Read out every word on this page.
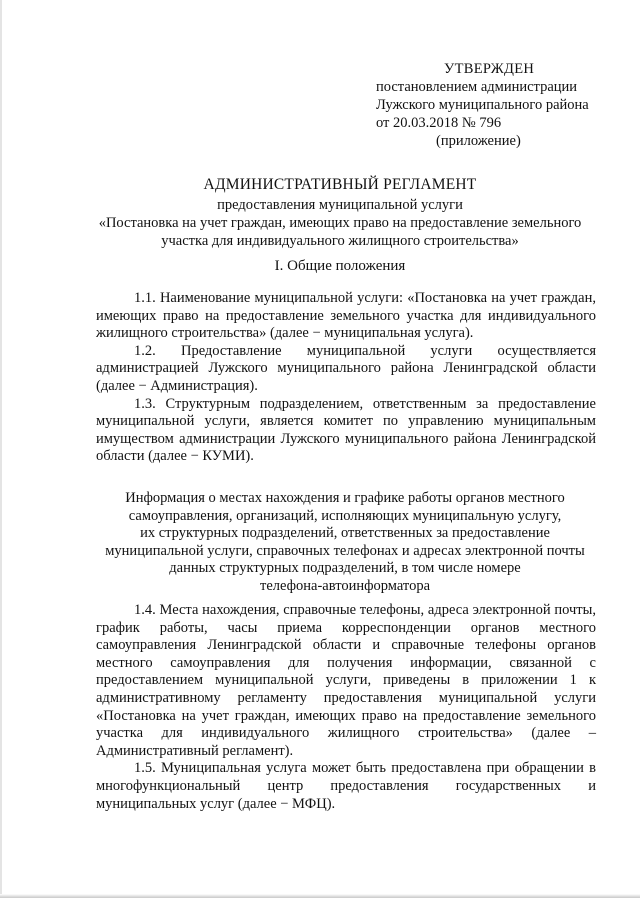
УТВЕРЖДЕН
постановлением администрации
Лужского муниципального района
от 20.03.2018 № 796
(приложение)
АДМИНИСТРАТИВНЫЙ РЕГЛАМЕНТ
предоставления муниципальной услуги
«Постановка на учет граждан, имеющих право на предоставление земельного участка для индивидуального жилищного строительства»
I. Общие положения

1.1. Наименование муниципальной услуги: «Постановка на учет граждан, имеющих право на предоставление земельного участка для индивидуального жилищного строительства» (далее − муниципальная услуга).

1.2. Предоставление муниципальной услуги осуществляется администрацией Лужского муниципального района Ленинградской области (далее − Администрация).

1.3. Структурным подразделением, ответственным за предоставление муниципальной услуги, является комитет по управлению муниципальным имуществом администрации Лужского муниципального района Ленинградской области (далее − КУМИ).

Информация о местах нахождения и графике работы органов местного
самоуправления, организаций, исполняющих муниципальную услугу,
их структурных подразделений, ответственных за предоставление
муниципальной услуги, справочных телефонах и адресах электронной почты
данных структурных подразделений, в том числе номере
телефона-автоинформатора

1.4. Места нахождения, справочные телефоны, адреса электронной почты, график работы, часы приема корреспонденции органов местного самоуправления Ленинградской области и справочные телефоны органов местного самоуправления для получения информации, связанной с предоставлением муниципальной услуги, приведены в приложении 1 к административному регламенту предоставления муниципальной услуги «Постановка на учет граждан, имеющих право на предоставление земельного участка для индивидуального жилищного строительства» (далее – Административный регламент).

1.5. Муниципальная услуга может быть предоставлена при обращении в многофункциональный центр предоставления государственных и муниципальных услуг (далее − МФЦ).
